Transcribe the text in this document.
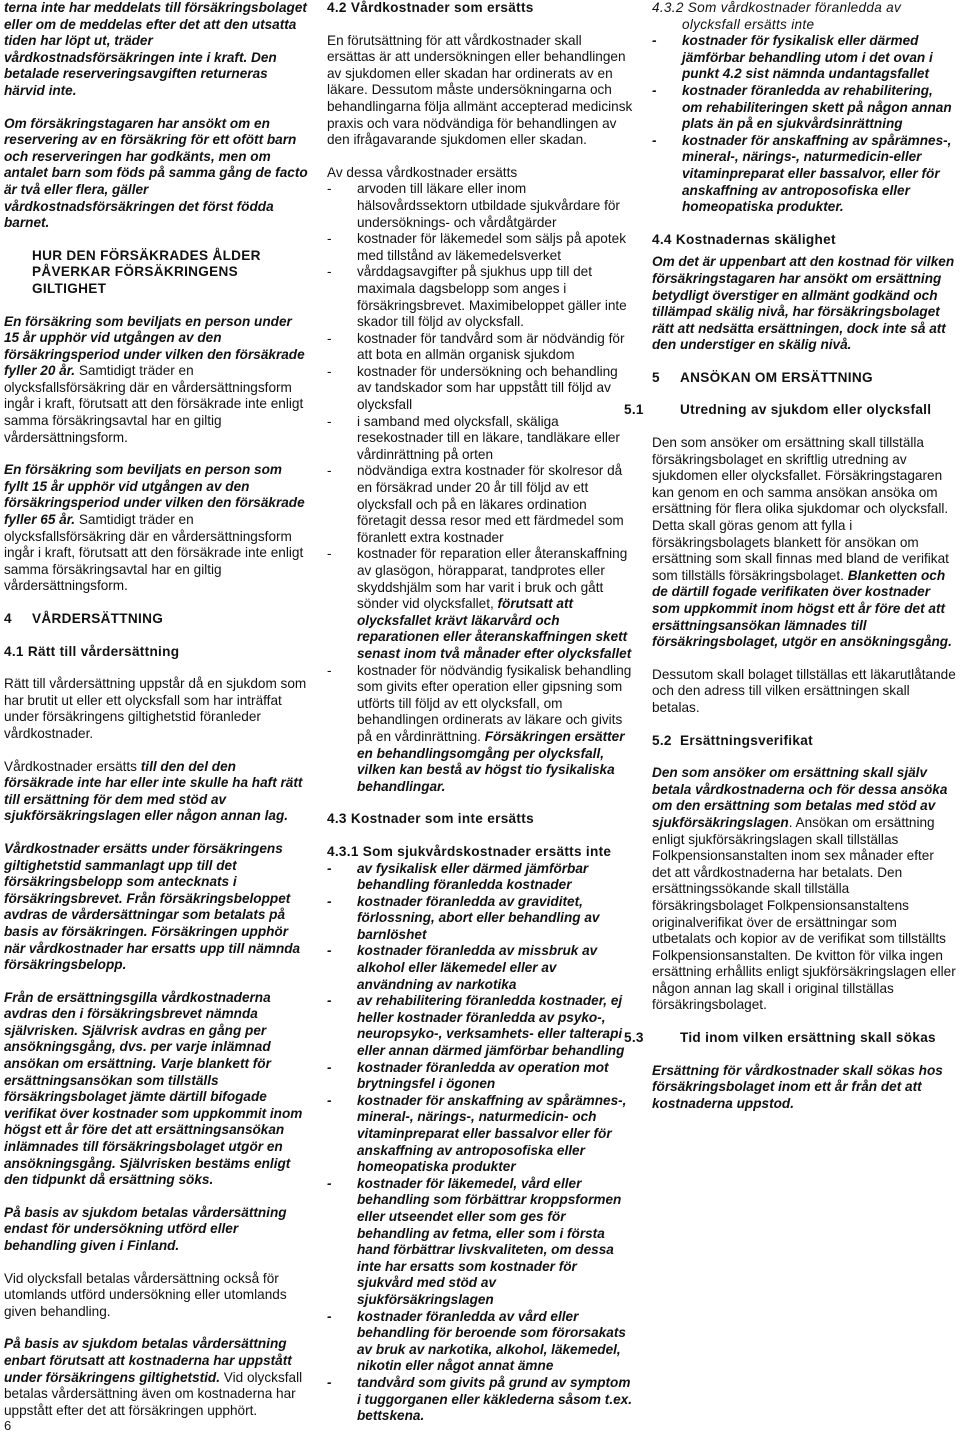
terna inte har meddelats till försäkringsbolaget eller om de meddelas efter det att den utsatta tiden har löpt ut, träder vårdkostnadsförsäkringen inte i kraft. Den betalade reserveringsavgiften returneras härvid inte.

Om försäkringstagaren har ansökt om en reservering av en försäkring för ett ofött barn och reserveringen har godkänts, men om antalet barn som föds på samma gång de facto är två eller flera, gäller vårdkostnadsförsäkringen det först födda barnet.

HUR DEN FÖRSÄKRADES ÅLDER PÅVERKAR FÖRSÄKRINGENS GILTIGHET

En försäkring som beviljats en person under 15 år upphör vid utgången av den försäkringsperiod under vilken den försäkrade fyller 20 år. Samtidigt träder en olycksfallsförsäkring där en vårdersättningsform ingår i kraft, förutsatt att den försäkrade inte enligt samma försäkringsavtal har en giltig vårdersättningsform.

En försäkring som beviljats en person som fyllt 15 år upphör vid utgången av den försäkringsperiod under vilken den försäkrade fyller 65 år. Samtidigt träder en olycksfallsförsäkring där en vårdersättningsform ingår i kraft, förutsatt att den försäkrade inte enligt samma försäkringsavtal har en giltig vårdersättningsform.

4 VÅRDERSÄTTNING
4.1 Rätt till vårdersättning

Rätt till vårdersättning uppstår då en sjukdom som har brutit ut eller ett olycksfall som har inträffat under försäkringens giltighetstid föranleder vårdkostnader.

Vårdkostnader ersätts till den del den försäkrade inte har eller inte skulle ha haft rätt till ersättning för dem med stöd av sjukförsäkringslagen eller någon annan lag.

Vårdkostnader ersätts under försäkringens giltighetstid sammanlagt upp till det försäkringsbelopp som antecknats i försäkringsbrevet. Från försäkringsbeloppet avdras de vårdersättningar som betalats på basis av försäkringen. Försäkringen upphör när vårdkostnader har ersatts upp till nämnda försäkringsbelopp.

Från de ersättningsgilla vårdkostnaderna avdras den i försäkringsbrevet nämnda självrisken. Självrisk avdras en gång per ansökningsgång, dvs. per varje inlämnad ansökan om ersättning. Varje blankett för ersättningsansökan som tillställs försäkringsbolaget jämte därtill bifogade verifikat över kostnader som uppkommit inom högst ett år före det att ersättningsansökan inlämnades till försäkringsbolaget utgör en ansökningsgång. Självrisken bestäms enligt den tidpunkt då ersättning söks.

På basis av sjukdom betalas vårdersättning endast för undersökning utförd eller behandling given i Finland.

Vid olycksfall betalas vårdersättning också för utomlands utförd undersökning eller utomlands given behandling.

På basis av sjukdom betalas vårdersättning enbart förutsatt att kostnaderna har uppstått under försäkringens giltighetstid. Vid olycksfall betalas vårdersättning även om kostnaderna har uppstått efter det att försäkringen upphört.

4.2 Vårdkostnader som ersätts

En förutsättning för att vårdkostnader skall ersättas är att undersökningen eller behandlingen av sjukdomen eller skadan har ordinerats av en läkare. Dessutom måste undersökningarna och behandlingarna följa allmänt accepterad medicinsk praxis och vara nödvändiga för behandlingen av den ifrågavarande sjukdomen eller skadan.

Av dessa vårdkostnader ersätts

- arvoden till läkare eller inom hälsovårdssektorn utbildade sjukvårdare för undersöknings- och vårdåtgärder
- kostnader för läkemedel som säljs på apotek med tillstånd av läkemedelsverket
- vårddagsavgifter på sjukhus upp till det maximala dagsbelopp som anges i försäkringsbrevet. Maximibeloppet gäller inte skador till följd av olycksfall.
- kostnader för tandvård som är nödvändig för att bota en allmän organisk sjukdom
- kostnader för undersökning och behandling av tandskador som har uppstått till följd av olycksfall
- i samband med olycksfall, skäliga resekostnader till en läkare, tandläkare eller vårdinrättning på orten
- nödvändiga extra kostnader för skolresor då en försäkrad under 20 år till följd av ett olycksfall och på en läkares ordination företagit dessa resor med ett färdmedel som föranlett extra kostnader
- kostnader för reparation eller återanskaffning av glasögon, hörapparat, tandprotes eller skyddshjälm som har varit i bruk och gått sönder vid olycksfallet, förutsatt att olycksfallet krävt läkarvård och reparationen eller återanskaffningen skett senast inom två månader efter olycksfallet
- kostnader för nödvändig fysikalisk behandling som givits efter operation eller gipsning som utförts till följd av ett olycksfall, om behandlingen ordinerats av läkare och givits på en vårdinrättning. Försäkringen ersätter en behandlingsomgång per olycksfall, vilken kan bestå av högst tio fysikaliska behandlingar.
4.3 Kostnader som inte ersätts
4.3.1 Som sjukvårdskostnader ersätts inte
- av fysikalisk eller därmed jämförbar behandling föranledda kostnader
- kostnader föranledda av graviditet, förlossning, abort eller behandling av barnlöshet
- kostnader föranledda av missbruk av alkohol eller läkemedel eller av användning av narkotika
- av rehabilitering föranledda kostnader, ej heller kostnader föranledda av psyko-, neuropsyko-, verksamhets- eller talterapi eller annan därmed jämförbar behandling
- kostnader föranledda av operation mot brytningsfel i ögonen
- kostnader för anskaffning av spårämnes-, mineral-, närings-, naturmedicin- och vitaminpreparat eller bassalvor eller för anskaffning av antroposofiska eller homeopatiska produkter
- kostnader för läkemedel, vård eller behandling som förbättrar kroppsformen eller utseendet eller som ges för behandling av fetma, eller som i första hand förbättrar livskvaliteten, om dessa inte har ersatts som kostnader för sjukvård med stöd av sjukförsäkringslagen
- kostnader föranledda av vård eller behandling för beroende som förorsakats av bruk av narkotika, alkohol, läkemedel, nikotin eller något annat ämne
- tandvård som givits på grund av symptom i tuggorganen eller käklederna såsom t.ex. bettskena.
4.3.2 Som vårdkostnader föranledda av olycksfall ersätts inte
- kostnader för fysikalisk eller därmed jämförbar behandling utom i det ovan i punkt 4.2 sist nämnda undantagsfallet
- kostnader föranledda av rehabilitering, om rehabiliteringen skett på någon annan plats än på en sjukvårdsinrättning
- kostnader för anskaffning av spårämnes-, mineral-, närings-, naturmedicin-eller vitaminpreparat eller bassalvor, eller för anskaffning av antroposofiska eller homeopatiska produkter.
4.4 Kostnadernas skälighet

Om det är uppenbart att den kostnad för vilken försäkringstagaren har ansökt om ersättning betydligt överstiger en allmänt godkänd och tillämpad skälig nivå, har försäkringsbolaget rätt att nedsätta ersättningen, dock inte så att den understiger en skälig nivå.

5 ANSÖKAN OM ERSÄTTNING
5.1	Utredning av sjukdom eller olycksfall

Den som ansöker om ersättning skall tillställa försäkringsbolaget en skriftlig utredning av sjukdomen eller olycksfallet. Försäkringstagaren kan genom en och samma ansökan ansöka om ersättning för flera olika sjukdomar och olycksfall. Detta skall göras genom att fylla i försäkringsbolagets blankett för ansökan om ersättning som skall finnas med bland de verifikat som tillställs försäkringsbolaget. Blanketten och de därtill fogade verifikaten över kostnader som uppkommit inom högst ett år före det att ersättningsansökan lämnades till försäkringsbolaget, utgör en ansökningsgång.

Dessutom skall bolaget tillställas ett läkarutlåtande och den adress till vilken ersättningen skall betalas.

5.2 Ersättningsverifikat

Den som ansöker om ersättning skall själv betala vårdkostnaderna och för dessa ansöka om den ersättning som betalas med stöd av sjukförsäkringslagen. Ansökan om ersättning enligt sjukförsäkringslagen skall tillställas Folkpensionsanstalten inom sex månader efter det att vårdkostnaderna har betalats. Den ersättningssökande skall tillställa försäkringsbolaget Folkpensionsanstaltens originalverifikat över de ersättningar som utbetalats och kopior av de verifikat som tillställts Folkpensionsanstalten. De kvitton för vilka ingen ersättning erhållits enligt sjukförsäkringslagen eller någon annan lag skall i original tillställas försäkringsbolaget.

5.3	Tid inom vilken ersättning skall sökas

Ersättning för vårdkostnader skall sökas hos försäkringsbolaget inom ett år från det att kostnaderna uppstod.

6
